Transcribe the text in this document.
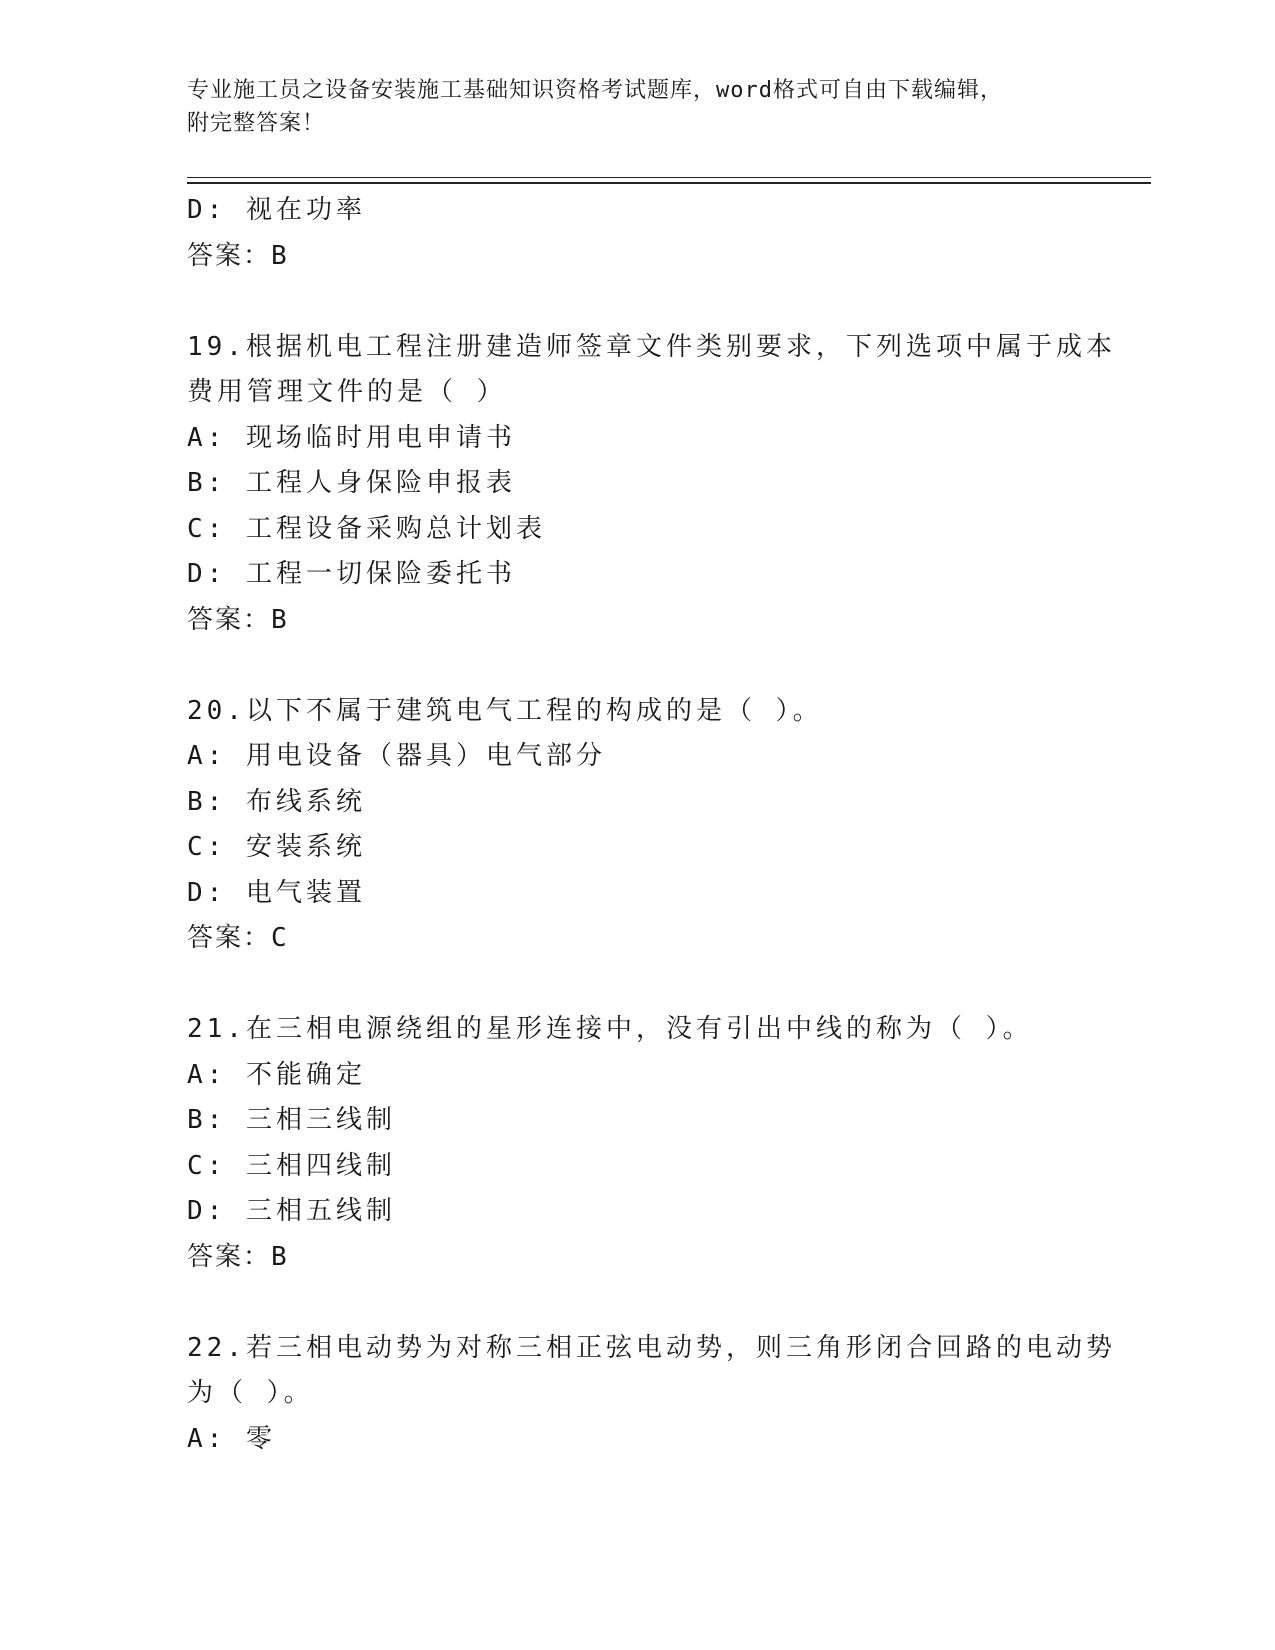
专业施工员之设备安装施工基础知识资格考试题库，word格式可自由下载编辑，
附完整答案！
D: 视在功率
答案：B
19.根据机电工程注册建造师签章文件类别要求，下列选项中属于成本
费用管理文件的是（ ）
A: 现场临时用电申请书
B: 工程人身保险申报表
C: 工程设备采购总计划表
D: 工程一切保险委托书
答案：B
20.以下不属于建筑电气工程的构成的是（ ）。
A: 用电设备（器具）电气部分
B: 布线系统
C: 安装系统
D: 电气装置
答案：C
21.在三相电源绕组的星形连接中，没有引出中线的称为（ ）。
A: 不能确定
B: 三相三线制
C: 三相四线制
D: 三相五线制
答案：B
22.若三相电动势为对称三相正弦电动势，则三角形闭合回路的电动势
为（ ）。
A: 零
